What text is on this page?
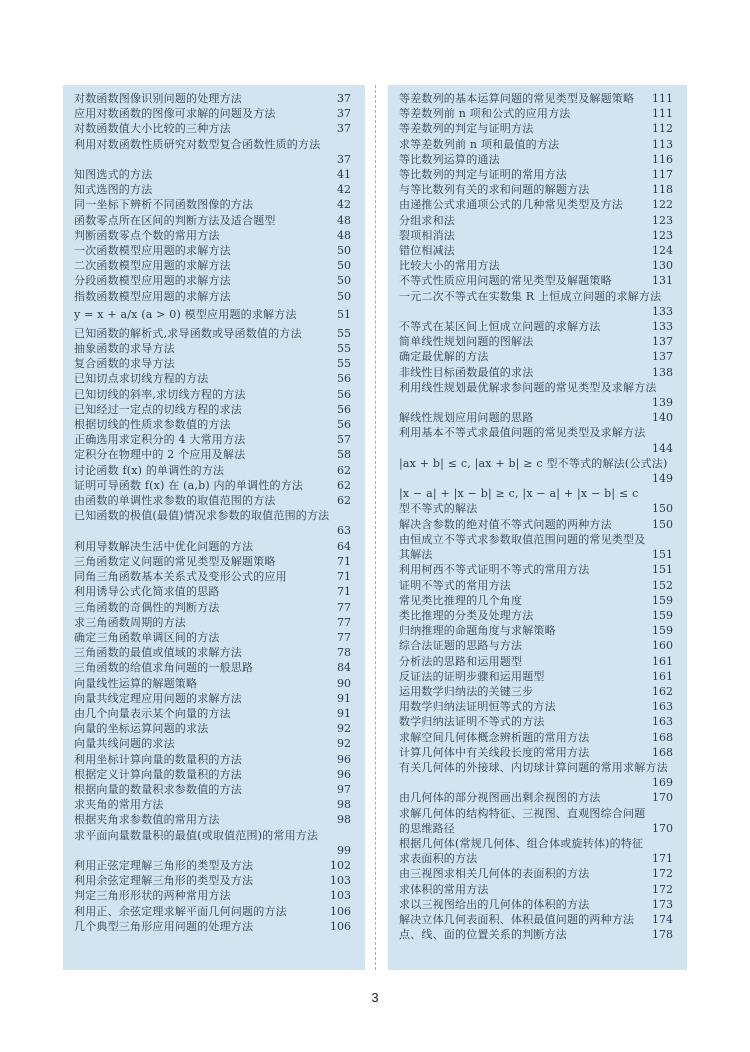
对数函数图像识别问题的处理方法	37
应用对数函数的图像可求解的问题及方法	37
对数函数值大小比较的三种方法	37
利用对数函数性质研究对数型复合函数性质的方法
37
知图选式的方法	41
知式选图的方法	42
同一坐标下辨析不同函数图像的方法	42
函数零点所在区间的判断方法及适合题型	48
判断函数零点个数的常用方法	48
一次函数模型应用题的求解方法	50
二次函数模型应用题的求解方法	50
分段函数模型应用题的求解方法	50
指数函数模型应用题的求解方法	50
y = x + a/x (a > 0) 模型应用题的求解方法	51
已知函数的解析式,求导函数或导函数值的方法	55
抽象函数的求导方法	55
复合函数的求导方法	55
已知切点求切线方程的方法	56
已知切线的斜率,求切线方程的方法	56
已知经过一定点的切线方程的求法	56
根据切线的性质求参数值的方法	56
正确选用求定积分的 4 大常用方法	57
定积分在物理中的 2 个应用及解法	58
讨论函数 f(x) 的单调性的方法	62
证明可导函数 f(x) 在 (a,b) 内的单调性的方法	62
由函数的单调性求参数的取值范围的方法	62
已知函数的极值(最值)情况求参数的取值范围的方法
63
利用导数解决生活中优化问题的方法	64
三角函数定义问题的常见类型及解题策略	71
同角三角函数基本关系式及变形公式的应用	71
利用诱导公式化简求值的思路	71
三角函数的奇偶性的判断方法	77
求三角函数周期的方法	77
确定三角函数单调区间的方法	77
三角函数的最值或值域的求解方法	78
三角函数的给值求角问题的一般思路	84
向量线性运算的解题策略	90
向量共线定理应用问题的求解方法	91
由几个向量表示某个向量的方法	91
向量的坐标运算问题的求法	92
向量共线问题的求法	92
利用坐标计算向量的数量积的方法	96
根据定义计算向量的数量积的方法	96
根据向量的数量积求参数值的方法	97
求夹角的常用方法	98
根据夹角求参数值的常用方法	98
求平面向量数量积的最值(或取值范围)的常用方法
99
利用正弦定理解三角形的类型及方法	102
利用余弦定理解三角形的类型及方法	103
判定三角形形状的两种常用方法	103
利用正、余弦定理求解平面几何问题的方法	106
几个典型三角形应用问题的处理方法	106
等差数列的基本运算问题的常见类型及解题策略	111
等差数列前 n 项和公式的应用方法	111
等差数列的判定与证明方法	112
求等差数列前 n 项和最值的方法	113
等比数列运算的通法	116
等比数列的判定与证明的常用方法	117
与等比数列有关的求和问题的解题方法	118
由递推公式求通项公式的几种常见类型及方法	122
分组求和法	123
裂项相消法	123
错位相减法	124
比较大小的常用方法	130
不等式性质应用问题的常见类型及解题策略	131
一元二次不等式在实数集 R 上恒成立问题的求解方法
133
不等式在某区间上恒成立问题的求解方法	133
简单线性规划问题的图解法	137
确定最优解的方法	137
非线性目标函数最值的求法	138
利用线性规划最优解求参问题的常见类型及求解方法
139
解线性规划应用问题的思路	140
利用基本不等式求最值问题的常见类型及求解方法
144
|ax + b| ≤ c, |ax + b| ≥ c 型不等式的解法(公式法)
149
|x − a| + |x − b| ≥ c, |x − a| + |x − b| ≤ c 型不等式的解法	150
解决含参数的绝对值不等式问题的两种方法	150
由恒成立不等式求参数取值范围问题的常见类型及其解法	151
利用柯西不等式证明不等式的常用方法	151
证明不等式的常用方法	152
常见类比推理的几个角度	159
类比推理的分类及处理方法	159
归纳推理的命题角度与求解策略	159
综合法证题的思路与方法	160
分析法的思路和运用题型	161
反证法的证明步骤和运用题型	161
运用数学归纳法的关键三步	162
用数学归纳法证明恒等式的方法	163
数学归纳法证明不等式的方法	163
求解空间几何体概念辨析题的常用方法	168
计算几何体中有关线段长度的常用方法	168
有关几何体的外接球、内切球计算问题的常用求解方法
169
由几何体的部分视图画出剩余视图的方法	170
求解几何体的结构特征、三视图、直观图综合问题的思维路径	170
根据几何体(常规几何体、组合体或旋转体)的特征求表面积的方法	171
由三视图求相关几何体的表面积的方法	172
求体积的常用方法	172
求以三视图给出的几何体的体积的方法	173
解决立体几何表面积、体积最值问题的两种方法	174
点、线、面的位置关系的判断方法	178
3
